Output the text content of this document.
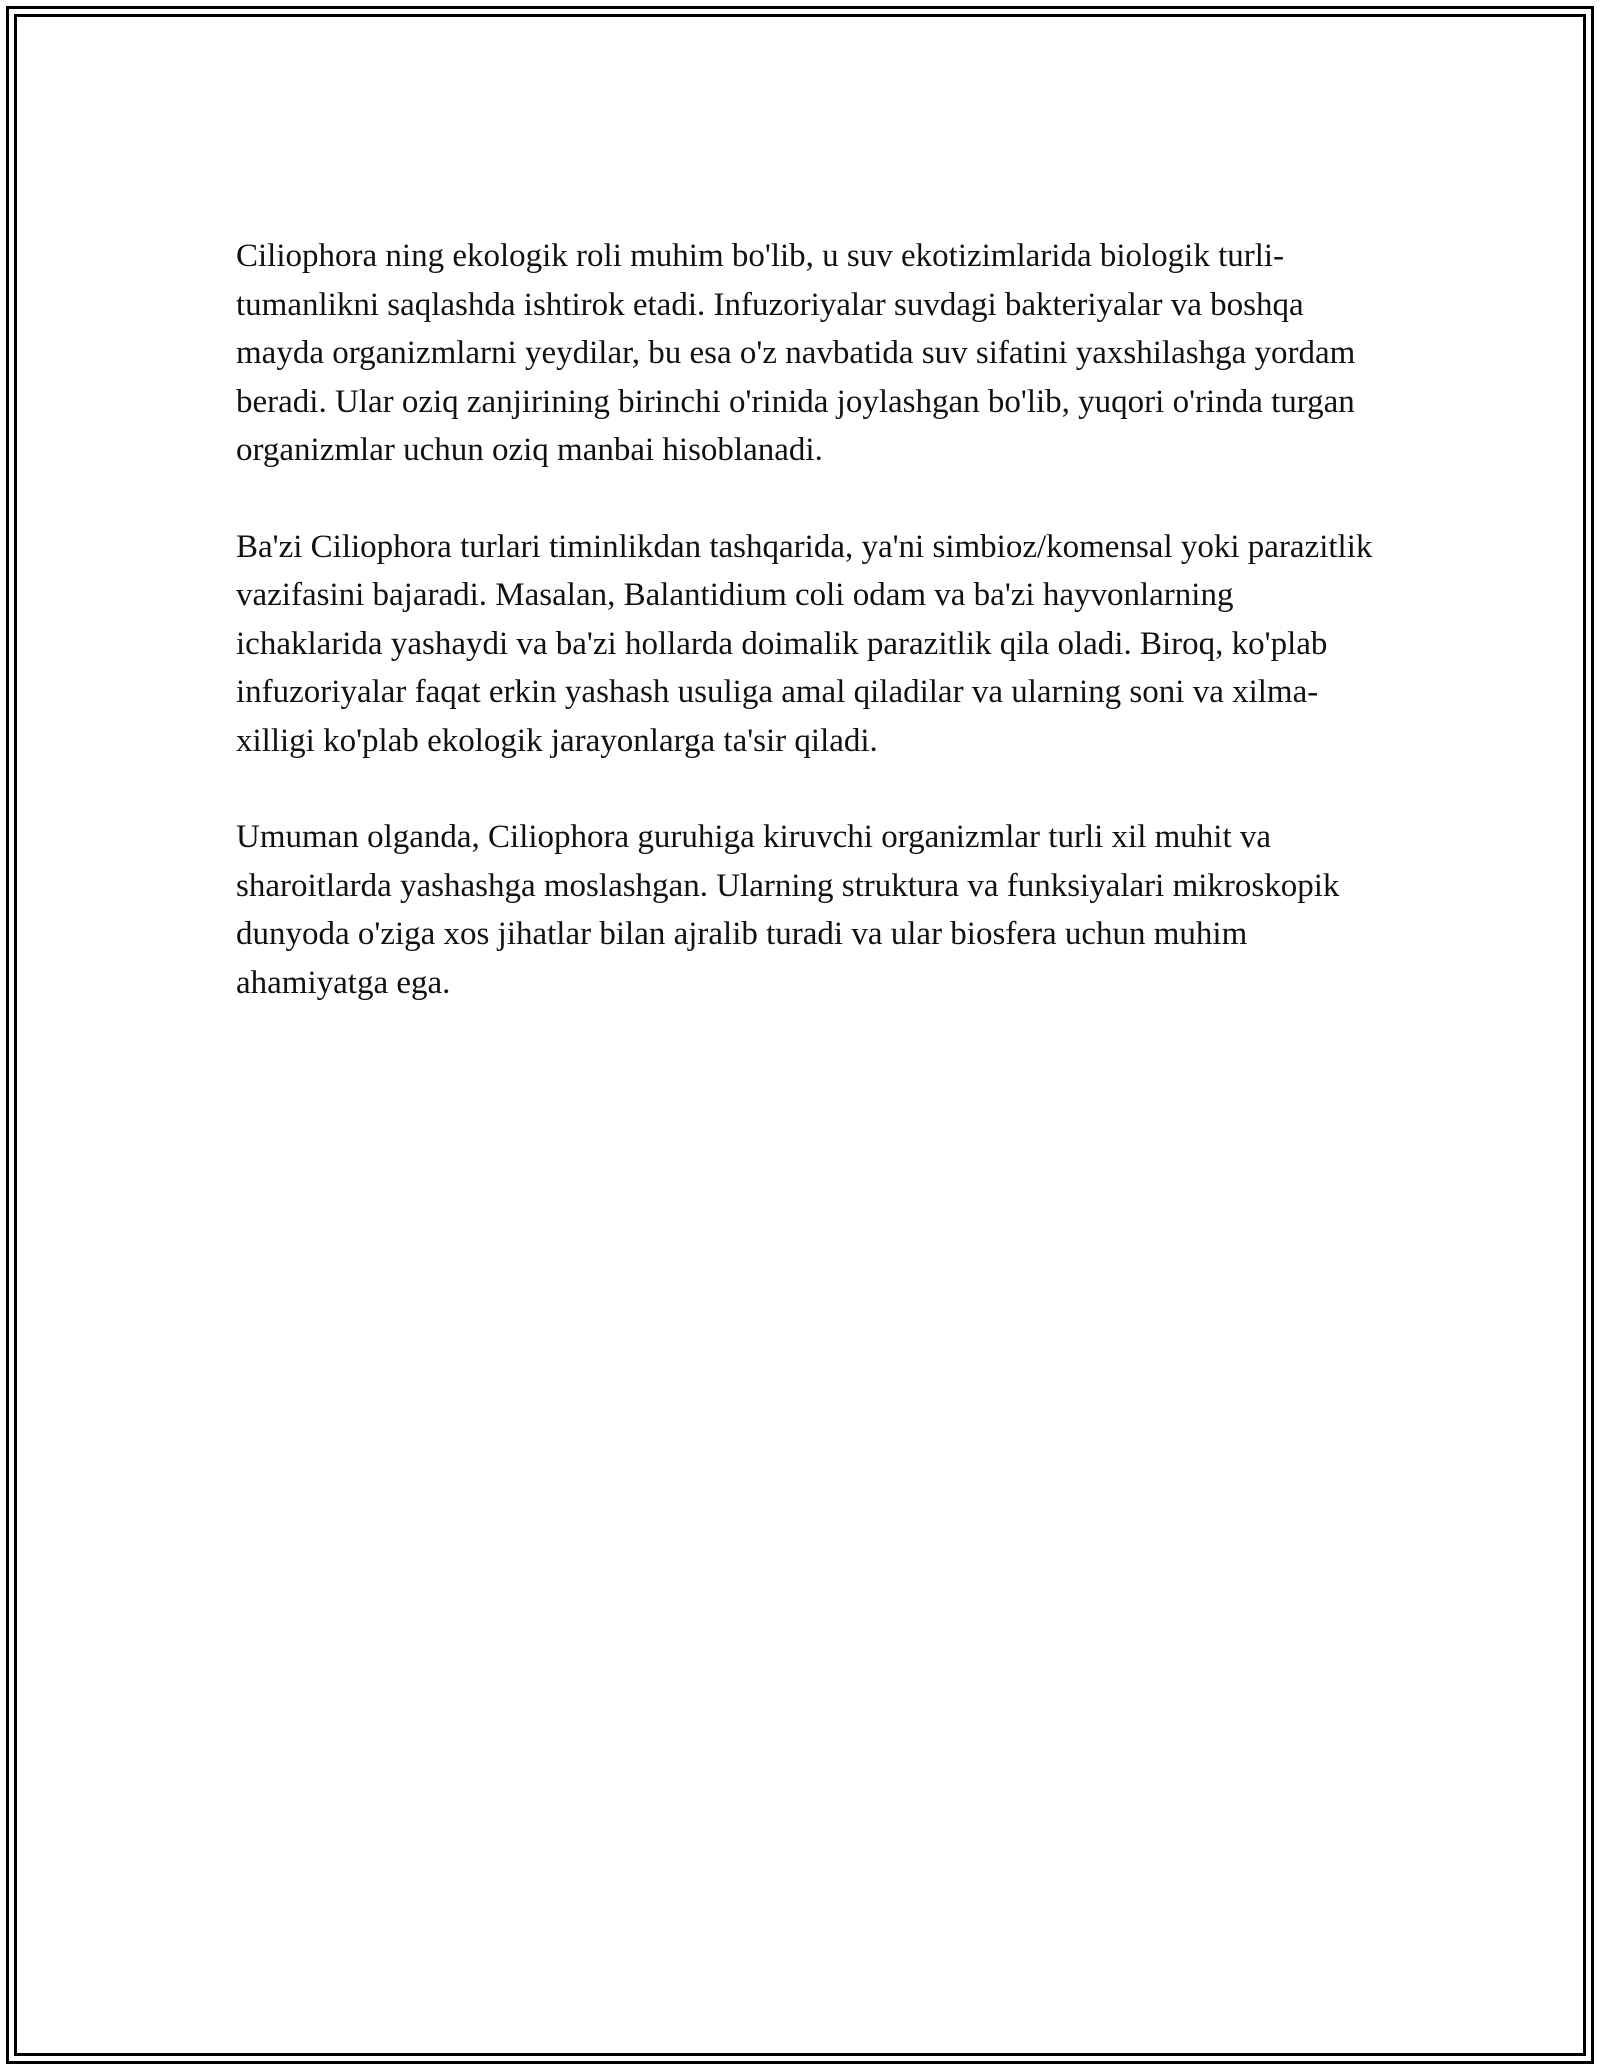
Ciliophora ning ekologik roli muhim bo'lib, u suv ekotizimlarida biologik turli-tumanlikni saqlashda ishtirok etadi. Infuzoriyalar suvdagi bakteriyalar va boshqa mayda organizmlarni yeydilar, bu esa o'z navbatida suv sifatini yaxshilashga yordam beradi. Ular oziq zanjirining birinchi o'rinida joylashgan bo'lib, yuqori o'rinda turgan organizmlar uchun oziq manbai hisoblanadi.

Ba'zi Ciliophora turlari timinlikdan tashqarida, ya'ni simbioz/komensal yoki parazitlik vazifasini bajaradi. Masalan, Balantidium coli odam va ba'zi hayvonlarning ichaklarida yashaydi va ba'zi hollarda doimalik parazitlik qila oladi. Biroq, ko'plab infuzoriyalar faqat erkin yashash usuliga amal qiladilar va ularning soni va xilma-xilligi ko'plab ekologik jarayonlarga ta'sir qiladi.

Umuman olganda, Ciliophora guruhiga kiruvchi organizmlar turli xil muhit va sharoitlarda yashashga moslashgan. Ularning struktura va funksiyalari mikroskopik dunyoda o'ziga xos jihatlar bilan ajralib turadi va ular biosfera uchun muhim ahamiyatga ega.
